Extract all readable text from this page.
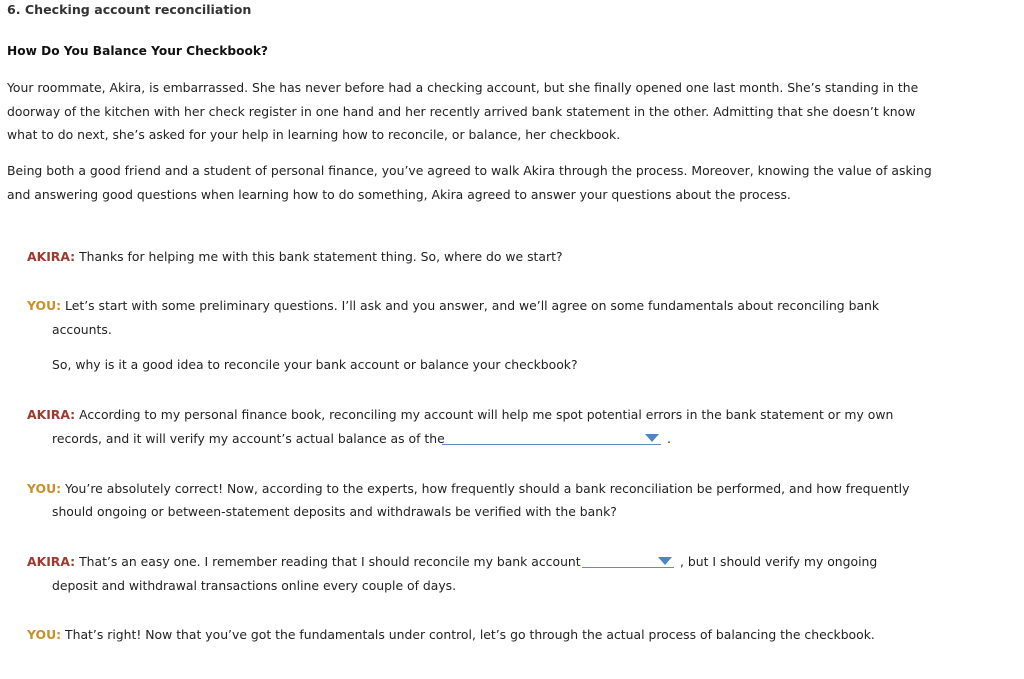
6. Checking account reconciliation
How Do You Balance Your Checkbook?
Your roommate, Akira, is embarrassed. She has never before had a checking account, but she finally opened one last month. She’s standing in the
doorway of the kitchen with her check register in one hand and her recently arrived bank statement in the other. Admitting that she doesn’t know
what to do next, she’s asked for your help in learning how to reconcile, or balance, her checkbook.
Being both a good friend and a student of personal finance, you’ve agreed to walk Akira through the process. Moreover, knowing the value of asking
and answering good questions when learning how to do something, Akira agreed to answer your questions about the process.
AKIRA: Thanks for helping me with this bank statement thing. So, where do we start?
YOU: Let’s start with some preliminary questions. I’ll ask and you answer, and we’ll agree on some fundamentals about reconciling bank
accounts.
So, why is it a good idea to reconcile your bank account or balance your checkbook?
AKIRA: According to my personal finance book, reconciling my account will help me spot potential errors in the bank statement or my own
records, and it will verify my account’s actual balance as of the	.
YOU: You’re absolutely correct! Now, according to the experts, how frequently should a bank reconciliation be performed, and how frequently
should ongoing or between-statement deposits and withdrawals be verified with the bank?
AKIRA: That’s an easy one. I remember reading that I should reconcile my bank account	, but I should verify my ongoing
deposit and withdrawal transactions online every couple of days.
YOU: That’s right! Now that you’ve got the fundamentals under control, let’s go through the actual process of balancing the checkbook.
